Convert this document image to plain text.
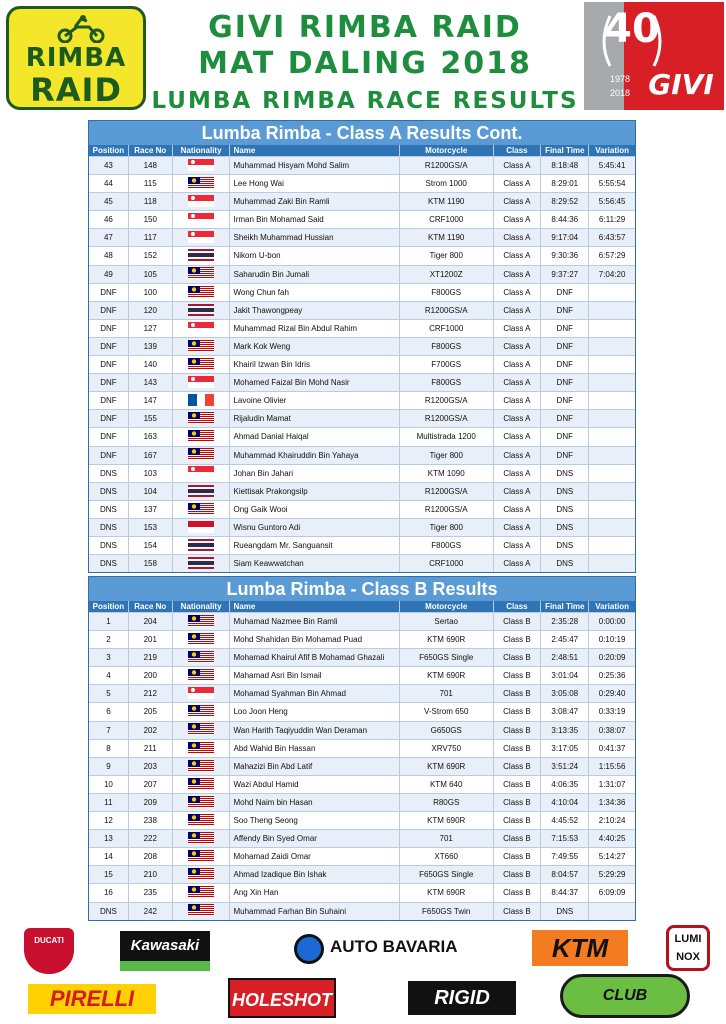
RIMBA
RAID
GIVI RIMBA RAID
MAT DALING 2018
LUMBA RIMBA RACE RESULTS
40
1978
2018 GIVI
Lumba Rimba - Class A Results Cont.
Position	Race No	Nationality	Name	Motorcycle	Class	Final Time	Variation
43	148	Muhammad Hisyam Mohd Salim	R1200GS/A	Class A	8:18:48	5:45:41
44	115	Lee Hong Wai	Strom 1000	Class A	8:29:01	5:55:54
45	118	Muhammad Zaki Bin Ramli	KTM 1190	Class A	8:29:52	5:56:45
46	150	Irman Bin Mohamad Said	CRF1000	Class A	8:44:36	6:11:29
47	117	Sheikh Muhammad Hussian	KTM 1190	Class A	9:17:04	6:43:57
48	152	Nikorn U-bon	Tiger 800	Class A	9:30:36	6:57:29
49	105	Saharudin Bin Jumali	XT1200Z	Class A	9:37:27	7:04:20
DNF	100	Wong Chun fah	F800GS	Class A	DNF
DNF	120	Jakit Thawongpeay	R1200GS/A	Class A	DNF
DNF	127	Muhammad Rizal Bin Abdul Rahim	CRF1000	Class A	DNF
DNF	139	Mark Kok Weng	F800GS	Class A	DNF
DNF	140	Khairil Izwan Bin Idris	F700GS	Class A	DNF
DNF	143	Mohamed Faizal Bin Mohd Nasir	F800GS	Class A	DNF
DNF	147	Lavoine Olivier	R1200GS/A	Class A	DNF
DNF	155	Rijaludin Mamat	R1200GS/A	Class A	DNF
DNF	163	Ahmad Danial Haiqal	Multistrada 1200	Class A	DNF
DNF	167	Muhammad Khairuddin Bin Yahaya	Tiger 800	Class A	DNF
DNS	103	Johan Bin Jahari	KTM 1090	Class A	DNS
DNS	104	Kiettisak Prakongsilp	R1200GS/A	Class A	DNS
DNS	137	Ong Gaik Wooi	R1200GS/A	Class A	DNS
DNS	153	Wisnu Guntoro Adi	Tiger 800	Class A	DNS
DNS	154	Rueangdam Mr. Sanguansit	F800GS	Class A	DNS
DNS	158	Siam Keawwatchan	CRF1000	Class A	DNS
Lumba Rimba - Class B Results
Position	Race No	Nationality	Name	Motorcycle	Class	Final Time	Variation
1	204	Muhamad Nazmee Bin Ramli	Sertao	Class B	2:35:28	0:00:00
2	201	Mohd Shahidan Bin Mohamad Puad	KTM 690R	Class B	2:45:47	0:10:19
3	219	Mohamad Khairul Afif B Mohamad Ghazali	F650GS Single	Class B	2:48:51	0:20:09
4	200	Mahamad Asri Bin Ismail	KTM 690R	Class B	3:01:04	0:25:36
5	212	Mohamad Syahman Bin Ahmad	701	Class B	3:05:08	0:29:40
6	205	Loo Joon Heng	V-Strom 650	Class B	3:08:47	0:33:19
7	202	Wan Harith Taqiyuddin Wan Deraman	G650GS	Class B	3:13:35	0:38:07
8	211	Abd Wahid Bin Hassan	XRV750	Class B	3:17:05	0:41:37
9	203	Mahazizi Bin Abd Latif	KTM 690R	Class B	3:51:24	1:15:56
10	207	Wazi Abdul Hamid	KTM 640	Class B	4:06:35	1:31:07
11	209	Mohd Naim bin Hasan	R80GS	Class B	4:10:04	1:34:36
12	238	Soo Theng Seong	KTM 690R	Class B	4:45:52	2:10:24
13	222	Affendy Bin Syed Omar	701	Class B	7:15:53	4:40:25
14	208	Mohamad Zaidi Omar	XT660	Class B	7:49:55	5:14:27
15	210	Ahmad Izadique Bin Ishak	F650GS Single	Class B	8:04:57	5:29:29
16	235	Ang Xin Han	KTM 690R	Class B	8:44:37	6:09:09
DNS	242	Muhammad Farhan Bin Suhaini	F650GS Twin	Class B	DNS
DUCATI	Kawasaki	AUTO BAVARIA	KTM	LUMI
NOX
PIRELLI	HOLESHOT	RIGID	CLUB
